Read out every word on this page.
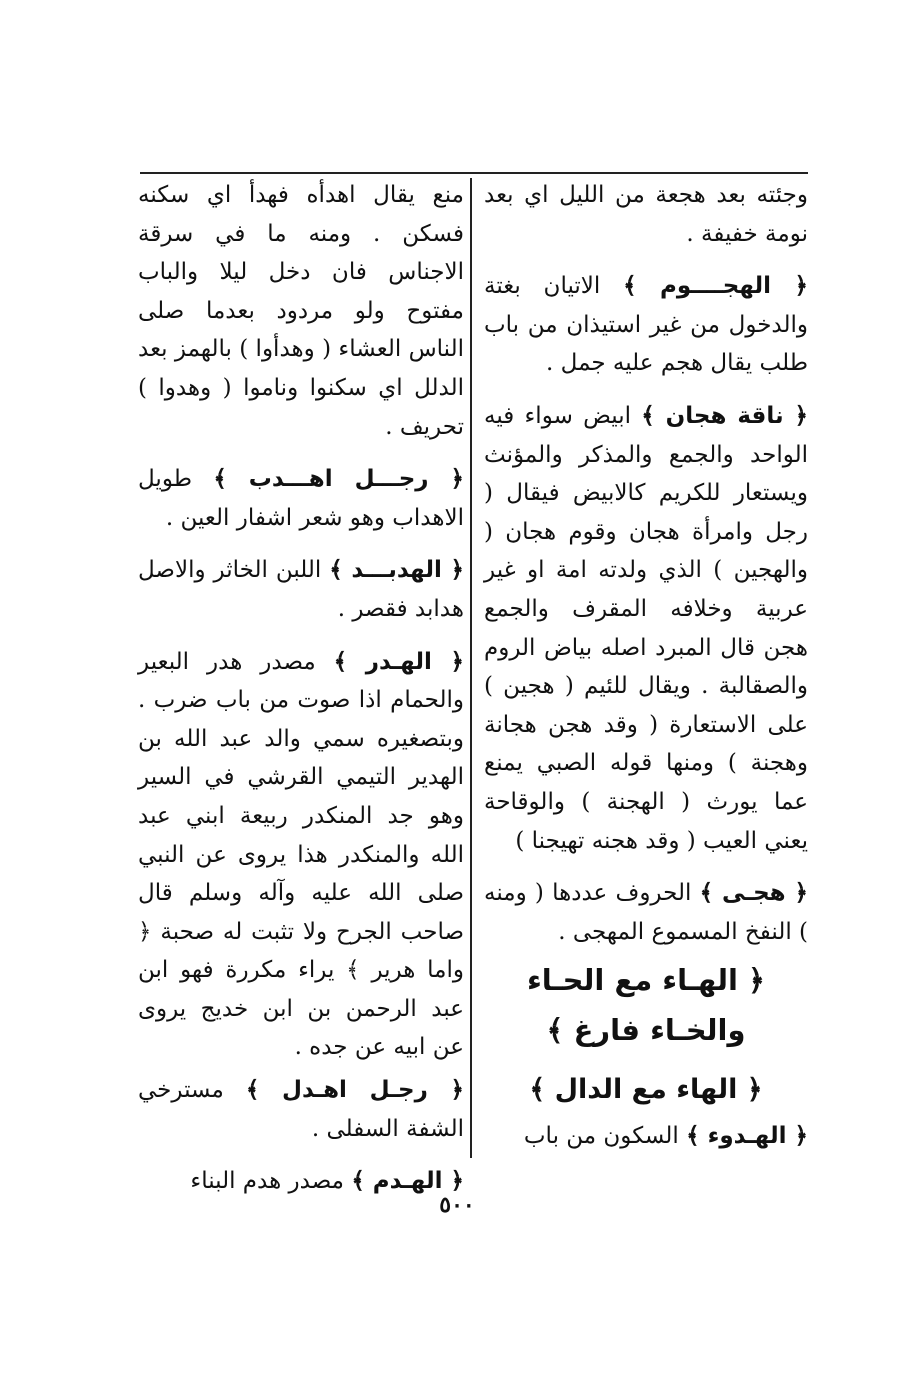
وجئته بعد هجعة من الليل اي بعد نومة خفيفة .

﴿ الهجــــوم ﴾ الاتيان بغتة والدخول من غير استيذان من باب طلب يقال هجم عليه جمل .

﴿ ناقة هجان ﴾ ابيض سواء فيه الواحد والجمع والمذكر والمؤنث ويستعار للكريم كالابيض فيقال ( رجل وامرأة هجان وقوم هجان ( والهجين ) الذي ولدته امة او غير عربية وخلافه المقرف والجمع هجن قال المبرد اصله بياض الروم والصقالبة . ويقال للئيم ( هجين ) على الاستعارة ( وقد هجن هجانة وهجنة ) ومنها قوله الصبي يمنع عما يورث ( الهجنة ) والوقاحة يعني العيب ( وقد هجنه تهيجنا )

﴿ هجـى ﴾ الحروف عددها ( ومنه ) النفخ المسموع المهجى .

﴿ الهـاء مع الحـاء والخـاء فارغ ﴾
﴿ الهاء مع الدال ﴾

﴿ الهـدوء ﴾ السكون من باب

منع يقال اهدأه فهدأ اي سكنه فسكن . ومنه ما في سرقة الاجناس فان دخل ليلا والباب مفتوح ولو مردود بعدما صلى الناس العشاء ( وهدأوا ) بالهمز بعد الدلل اي سكنوا وناموا ( وهدوا ) تحريف .

﴿ رجـــل اهـــدب ﴾ طويل الاهداب وهو شعر اشفار العين .

﴿ الهدبـــد ﴾ اللبن الخاثر والاصل هدابد فقصر .

﴿ الهـدر ﴾ مصدر هدر البعير والحمام اذا صوت من باب ضرب . وبتصغيره سمي والد عبد الله بن الهدير التيمي القرشي في السير وهو جد المنكدر ربيعة ابني عبد الله والمنكدر هذا يروى عن النبي صلى الله عليه وآله وسلم قال صاحب الجرح ولا تثبت له صحبة ﴿ واما هرير ﴾ يراء مكررة فهو ابن عبد الرحمن بن ابن خديج يروى عن ابيه عن جده .

﴿ رجـل اهـدل ﴾ مسترخي الشفة السفلى .

﴿ الهـدم ﴾ مصدر هدم البناء

٥٠٠
